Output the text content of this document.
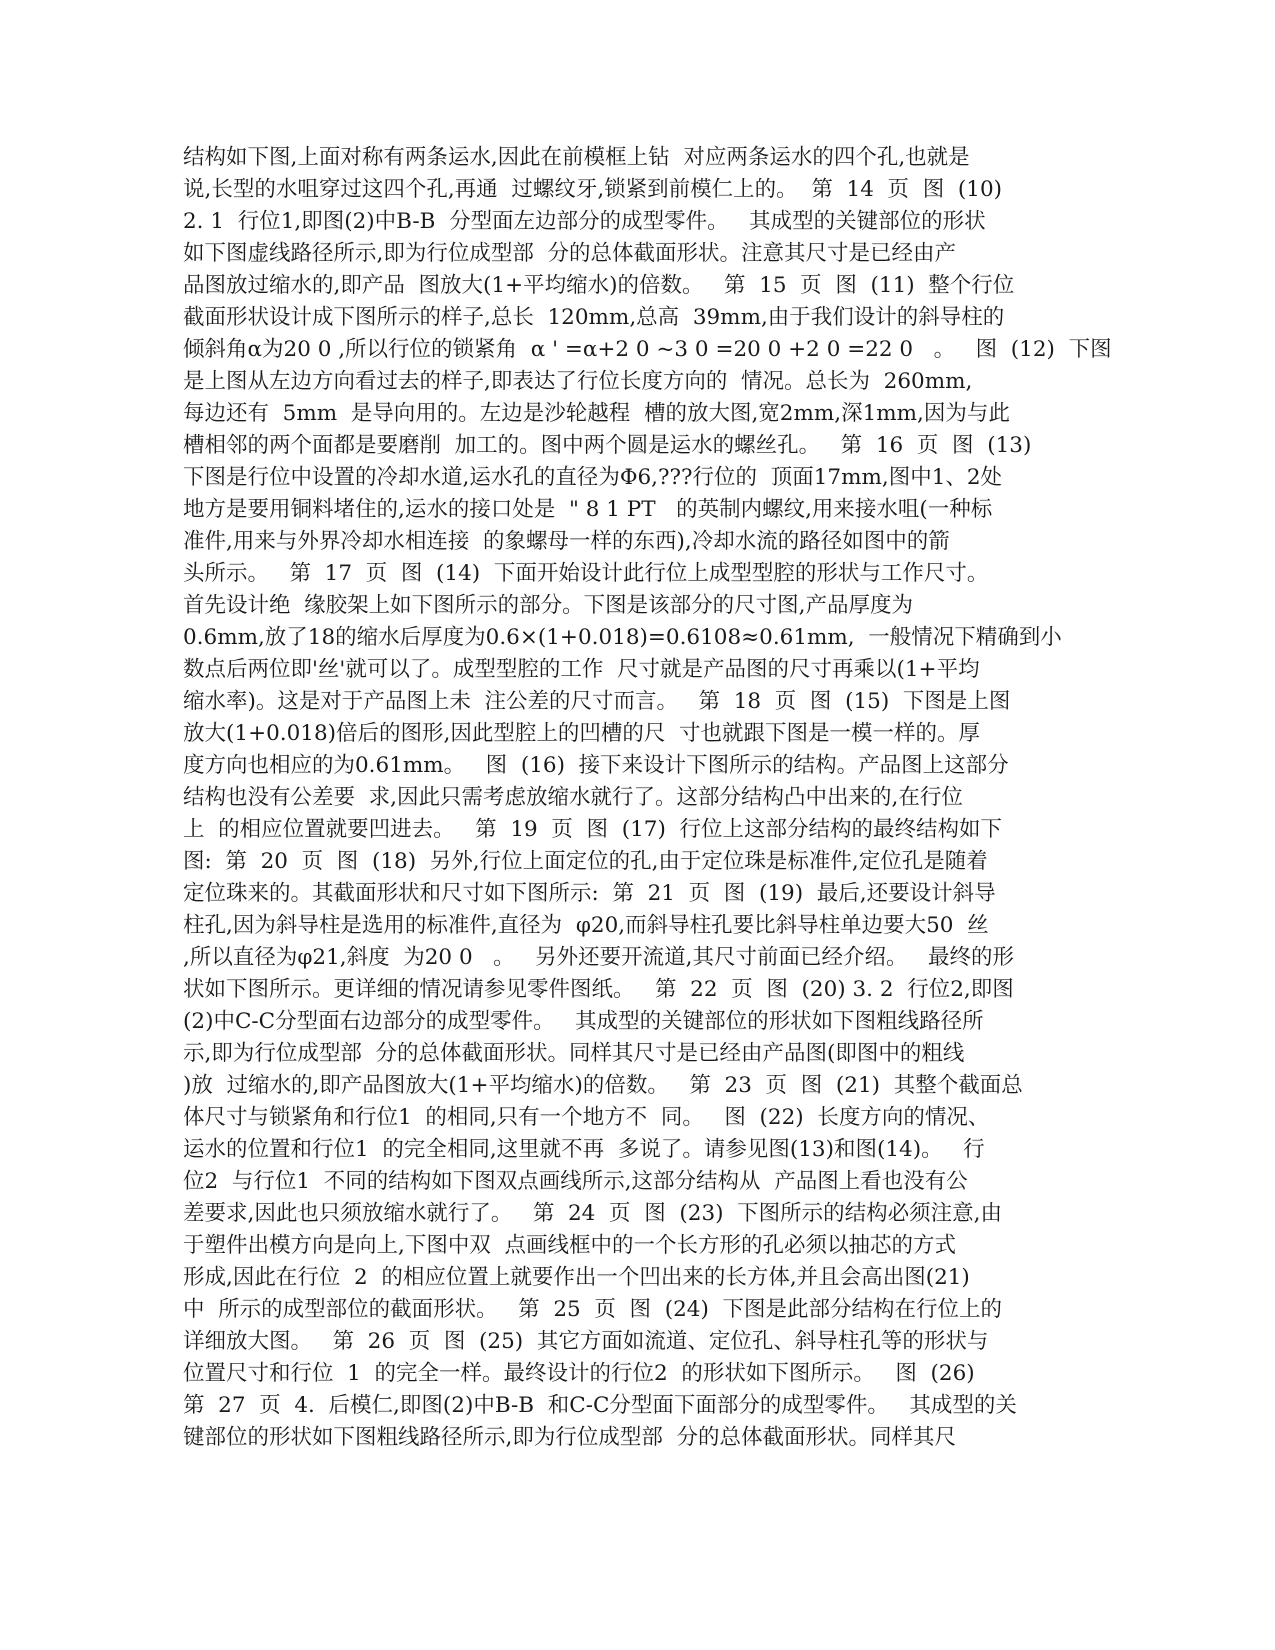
结构如下图,上面对称有两条运水,因此在前模框上钻  对应两条运水的四个孔,也就是
说,长型的水咀穿过这四个孔,再通  过螺纹牙,锁紧到前模仁上的。  第  14  页  图  (10)
2. 1  行位1,即图(2)中B-B  分型面左边部分的成型零件。   其成型的关键部位的形状
如下图虚线路径所示,即为行位成型部  分的总体截面形状。注意其尺寸是已经由产
品图放过缩水的,即产品  图放大(1+平均缩水)的倍数。   第  15  页  图  (11)  整个行位
截面形状设计成下图所示的样子,总长  120mm,总高  39mm,由于我们设计的斜导柱的
倾斜角α为20 0 ,所以行位的锁紧角  α ' =α+2 0 ~3 0 =20 0 +2 0 =22 0   。   图  (12)  下图
是上图从左边方向看过去的样子,即表达了行位长度方向的  情况。总长为  260mm,
每边还有  5mm  是导向用的。左边是沙轮越程  槽的放大图,宽2mm,深1mm,因为与此
槽相邻的两个面都是要磨削  加工的。图中两个圆是运水的螺丝孔。   第  16  页  图  (13)
下图是行位中设置的冷却水道,运水孔的直径为Φ6,???行位的  顶面17mm,图中1、2处
地方是要用铜料堵住的,运水的接口处是  " 8 1 PT   的英制内螺纹,用来接水咀(一种标
准件,用来与外界冷却水相连接  的象螺母一样的东西),冷却水流的路径如图中的箭
头所示。   第  17  页  图  (14)  下面开始设计此行位上成型型腔的形状与工作尺寸。
首先设计绝  缘胶架上如下图所示的部分。下图是该部分的尺寸图,产品厚度为
0.6mm,放了18的缩水后厚度为0.6×(1+0.018)=0.6108≈0.61mm,  一般情况下精确到小
数点后两位即'丝'就可以了。成型型腔的工作  尺寸就是产品图的尺寸再乘以(1+平均
缩水率)。这是对于产品图上未  注公差的尺寸而言。   第  18  页  图  (15)  下图是上图
放大(1+0.018)倍后的图形,因此型腔上的凹槽的尺  寸也就跟下图是一模一样的。厚
度方向也相应的为0.61mm。   图  (16)  接下来设计下图所示的结构。产品图上这部分
结构也没有公差要  求,因此只需考虑放缩水就行了。这部分结构凸中出来的,在行位
上  的相应位置就要凹进去。   第  19  页  图  (17)  行位上这部分结构的最终结构如下
图:  第  20  页  图  (18)  另外,行位上面定位的孔,由于定位珠是标准件,定位孔是随着
定位珠来的。其截面形状和尺寸如下图所示:  第  21  页  图  (19)  最后,还要设计斜导
柱孔,因为斜导柱是选用的标准件,直径为  φ20,而斜导柱孔要比斜导柱单边要大50  丝
,所以直径为φ21,斜度  为20 0   。   另外还要开流道,其尺寸前面已经介绍。   最终的形
状如下图所示。更详细的情况请参见零件图纸。   第  22  页  图  (20) 3. 2  行位2,即图
(2)中C-C分型面右边部分的成型零件。   其成型的关键部位的形状如下图粗线路径所
示,即为行位成型部  分的总体截面形状。同样其尺寸是已经由产品图(即图中的粗线
)放  过缩水的,即产品图放大(1+平均缩水)的倍数。   第  23  页  图  (21)  其整个截面总
体尺寸与锁紧角和行位1  的相同,只有一个地方不  同。   图  (22)  长度方向的情况、
运水的位置和行位1  的完全相同,这里就不再  多说了。请参见图(13)和图(14)。   行
位2  与行位1  不同的结构如下图双点画线所示,这部分结构从  产品图上看也没有公
差要求,因此也只须放缩水就行了。   第  24  页  图  (23)  下图所示的结构必须注意,由
于塑件出模方向是向上,下图中双  点画线框中的一个长方形的孔必须以抽芯的方式
形成,因此在行位  2  的相应位置上就要作出一个凹出来的长方体,并且会高出图(21)
中  所示的成型部位的截面形状。   第  25  页  图  (24)  下图是此部分结构在行位上的
详细放大图。   第  26  页  图  (25)  其它方面如流道、定位孔、斜导柱孔等的形状与
位置尺寸和行位  1  的完全一样。最终设计的行位2  的形状如下图所示。   图  (26)
第  27  页  4.  后模仁,即图(2)中B-B  和C-C分型面下面部分的成型零件。   其成型的关
键部位的形状如下图粗线路径所示,即为行位成型部  分的总体截面形状。同样其尺
